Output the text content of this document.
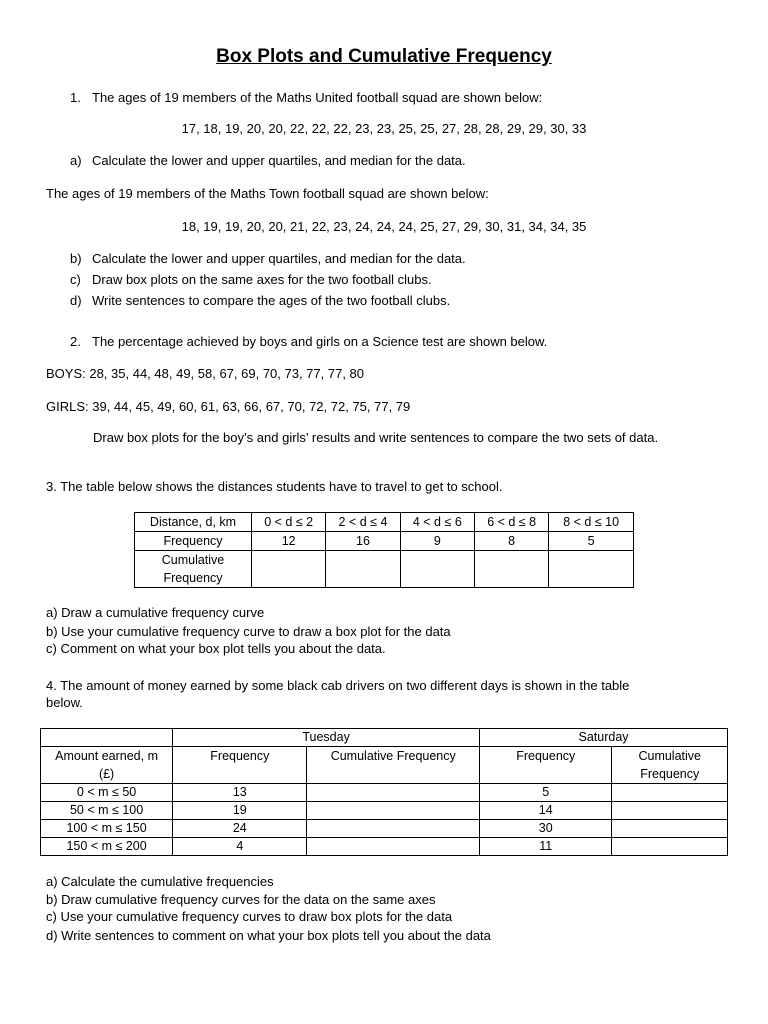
Box Plots and Cumulative Frequency
1. The ages of 19 members of the Maths United football squad are shown below:
17, 18, 19, 20, 20, 22, 22, 22, 23, 23, 25, 25, 27, 28, 28, 29, 29, 30, 33
a) Calculate the lower and upper quartiles, and median for the data.
The ages of 19 members of the Maths Town football squad are shown below:
18, 19, 19, 20, 20, 21, 22, 23, 24, 24, 24, 25, 27, 29, 30, 31, 34, 34, 35
b) Calculate the lower and upper quartiles, and median for the data.
c) Draw box plots on the same axes for the two football clubs.
d) Write sentences to compare the ages of the two football clubs.
2. The percentage achieved by boys and girls on a Science test are shown below.
BOYS: 28, 35, 44, 48, 49, 58, 67, 69, 70, 73, 77, 77, 80
GIRLS: 39, 44, 45, 49, 60, 61, 63, 66, 67, 70, 72, 72, 75, 77, 79
Draw box plots for the boy’s and girls’ results and write sentences to compare the two sets of data.
3. The table below shows the distances students have to travel to get to school.
Distance, d, km	0 < d ≤ 2	2 < d ≤ 4	4 < d ≤ 6	6 < d ≤ 8	8 < d ≤ 10
Frequency	12	16	9	8	5
Cumulative Frequency					
a) Draw a cumulative frequency curve
b) Use your cumulative frequency curve to draw a box plot for the data
c) Comment on what your box plot tells you about the data.
4. The amount of money earned by some black cab drivers on two different days is shown in the table
below.
	Tuesday		Saturday	
Amount earned, m (£)	Frequency	Cumulative Frequency	Frequency	Cumulative Frequency
0 < m ≤ 50	13		5	
50 < m ≤ 100	19		14	
100 < m ≤ 150	24		30	
150 < m ≤ 200	4		11	
a) Calculate the cumulative frequencies
b) Draw cumulative frequency curves for the data on the same axes
c) Use your cumulative frequency curves to draw box plots for the data
d) Write sentences to comment on what your box plots tell you about the data
